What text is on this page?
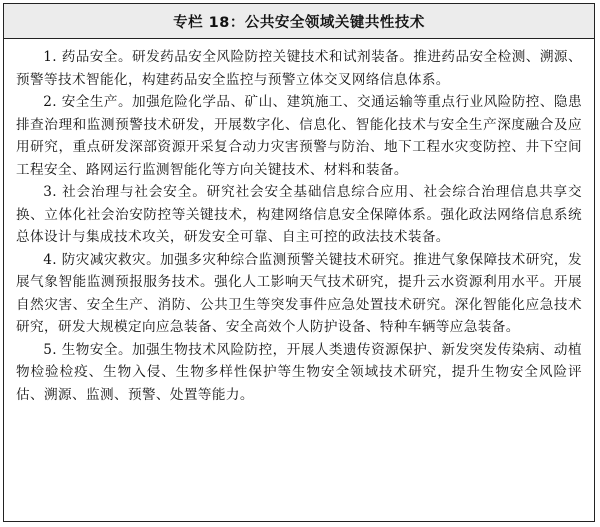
专栏 18：公共安全领域关键共性技术

1. 药品安全。研发药品安全风险防控关键技术和试剂装备。推进药品安全检测、溯源、预警等技术智能化，构建药品安全监控与预警立体交叉网络信息体系。

2. 安全生产。加强危险化学品、矿山、建筑施工、交通运输等重点行业风险防控、隐患排查治理和监测预警技术研发，开展数字化、信息化、智能化技术与安全生产深度融合及应用研究，重点研发深部资源开采复合动力灾害预警与防治、地下工程水灾变防控、井下空间工程安全、路网运行监测智能化等方向关键技术、材料和装备。

3. 社会治理与社会安全。研究社会安全基础信息综合应用、社会综合治理信息共享交换、立体化社会治安防控等关键技术，构建网络信息安全保障体系。强化政法网络信息系统总体设计与集成技术攻关，研发安全可靠、自主可控的政法技术装备。

4. 防灾减灾救灾。加强多灾种综合监测预警关键技术研究。推进气象保障技术研究，发展气象智能监测预报服务技术。强化人工影响天气技术研究，提升云水资源利用水平。开展自然灾害、安全生产、消防、公共卫生等突发事件应急处置技术研究。深化智能化应急技术研究，研发大规模定向应急装备、安全高效个人防护设备、特种车辆等应急装备。

5. 生物安全。加强生物技术风险防控，开展人类遗传资源保护、新发突发传染病、动植物检验检疫、生物入侵、生物多样性保护等生物安全领域技术研究，提升生物安全风险评估、溯源、监测、预警、处置等能力。
